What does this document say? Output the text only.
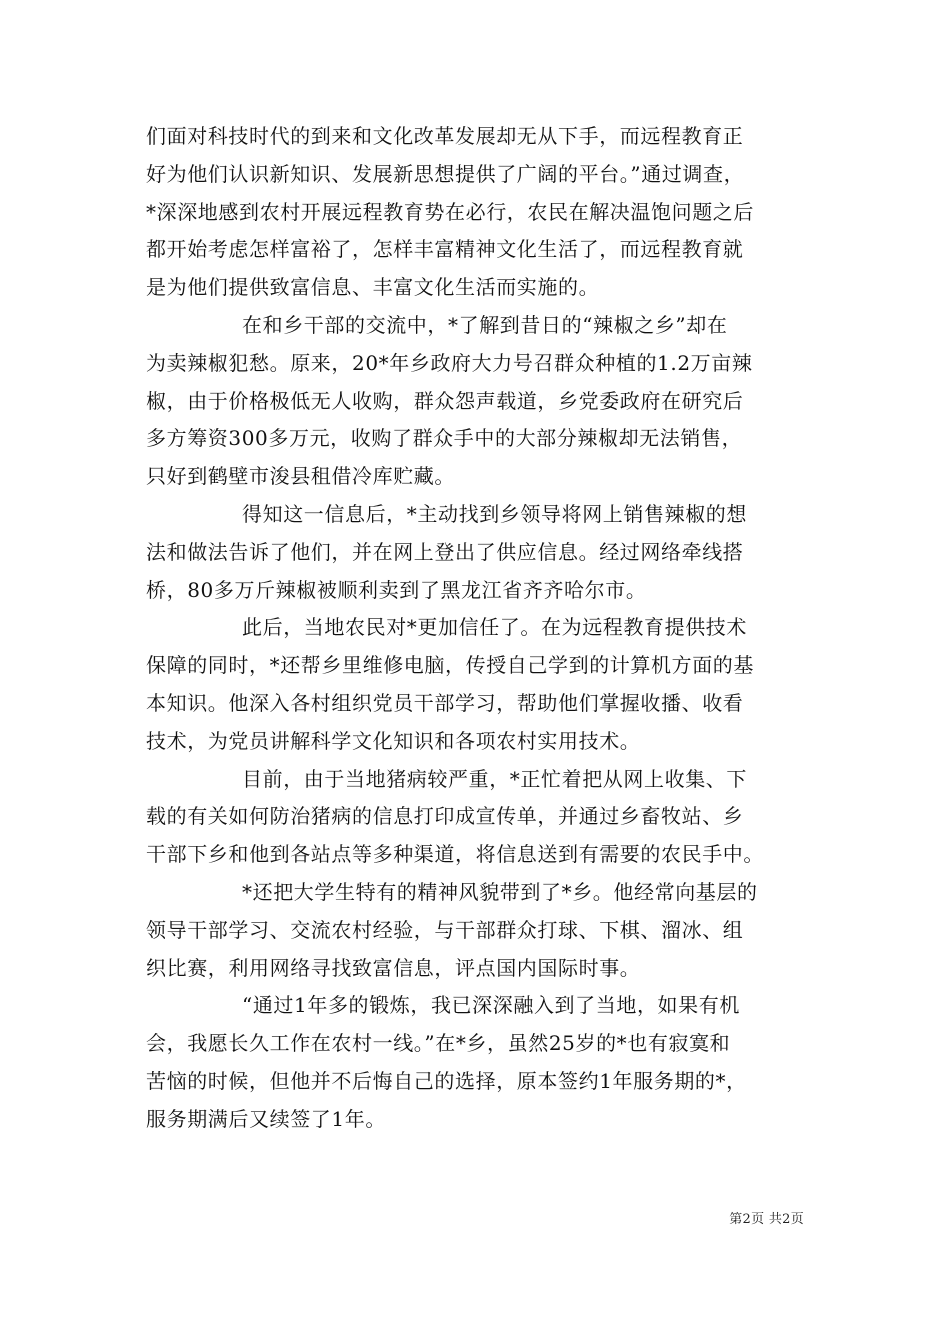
们面对科技时代的到来和文化改革发展却无从下手，而远程教育正
好为他们认识新知识、发展新思想提供了广阔的平台。”通过调查，
*深深地感到农村开展远程教育势在必行，农民在解决温饱问题之后
都开始考虑怎样富裕了，怎样丰富精神文化生活了，而远程教育就
是为他们提供致富信息、丰富文化生活而实施的。

在和乡干部的交流中，*了解到昔日的“辣椒之乡”却在
为卖辣椒犯愁。原来，20*年乡政府大力号召群众种植的1.2万亩辣
椒，由于价格极低无人收购，群众怨声载道，乡党委政府在研究后
多方筹资300多万元，收购了群众手中的大部分辣椒却无法销售，
只好到鹤壁市浚县租借冷库贮藏。

得知这一信息后，*主动找到乡领导将网上销售辣椒的想
法和做法告诉了他们，并在网上登出了供应信息。经过网络牵线搭
桥，80多万斤辣椒被顺利卖到了黑龙江省齐齐哈尔市。

此后，当地农民对*更加信任了。在为远程教育提供技术
保障的同时，*还帮乡里维修电脑，传授自己学到的计算机方面的基
本知识。他深入各村组织党员干部学习，帮助他们掌握收播、收看
技术，为党员讲解科学文化知识和各项农村实用技术。

目前，由于当地猪病较严重，*正忙着把从网上收集、下
载的有关如何防治猪病的信息打印成宣传单，并通过乡畜牧站、乡
干部下乡和他到各站点等多种渠道，将信息送到有需要的农民手中。

*还把大学生特有的精神风貌带到了*乡。他经常向基层的
领导干部学习、交流农村经验，与干部群众打球、下棋、溜冰、组
织比赛，利用网络寻找致富信息，评点国内国际时事。

“通过1年多的锻炼，我已深深融入到了当地，如果有机
会，我愿长久工作在农村一线。”在*乡，虽然25岁的*也有寂寞和
苦恼的时候，但他并不后悔自己的选择，原本签约1年服务期的*，
服务期满后又续签了1年。

第2页 共2页
